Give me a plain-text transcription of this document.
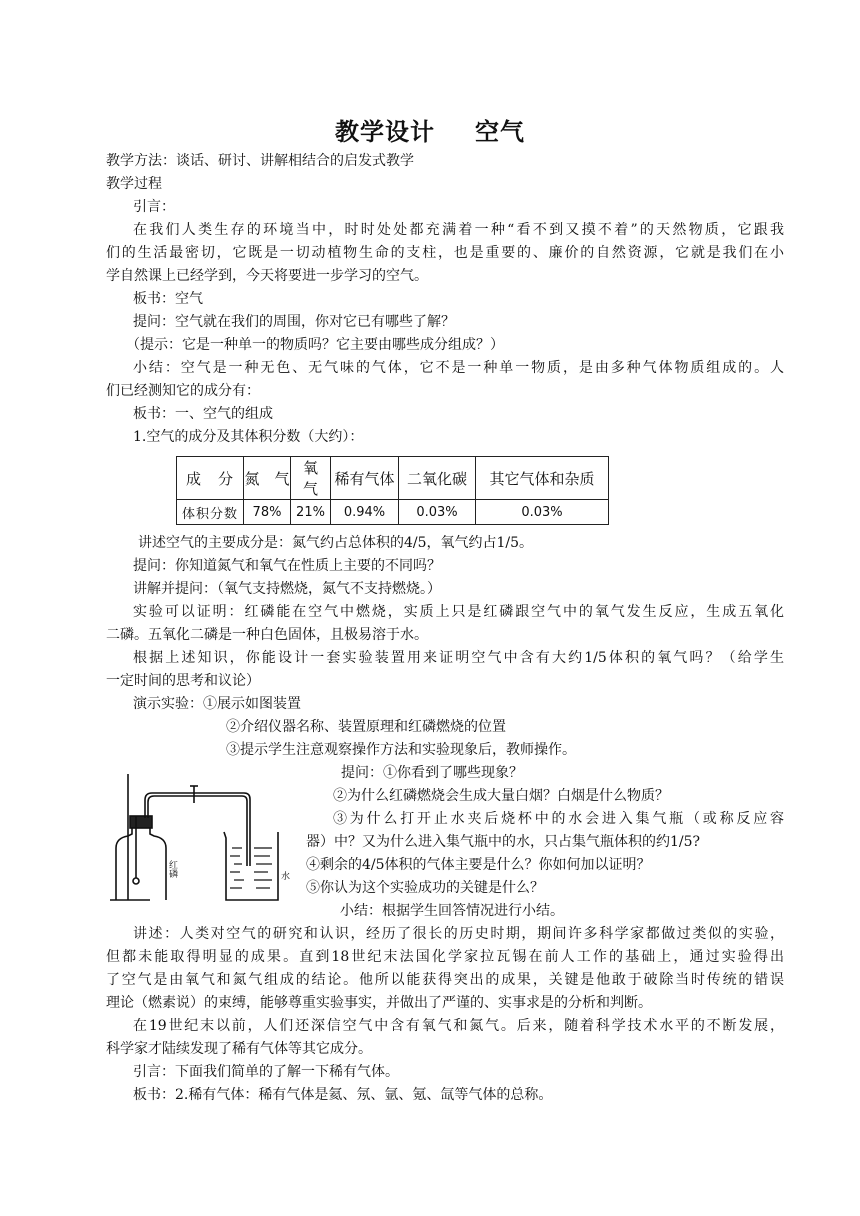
教学设计 空气
教学方法：谈话、研讨、讲解相结合的启发式教学
教学过程
引言：
在我们人类生存的环境当中，时时处处都充满着一种“看不到又摸不着”的天然物质，它跟我
们的生活最密切，它既是一切动植物生命的支柱，也是重要的、廉价的自然资源，它就是我们在小
学自然课上已经学到，今天将要进一步学习的空气。
板书：空气
提问：空气就在我们的周围，你对它已有哪些了解？
（提示：它是一种单一的物质吗？它主要由哪些成分组成？）
小结：空气是一种无色、无气味的气体，它不是一种单一物质，是由多种气体物质组成的。人
们已经测知它的成分有：
板书：一、空气的组成
1.空气的成分及其体积分数（大约）：
成　分	氮　气	氧　气	稀有气体	二氧化碳	其它气体和杂质
体积分数	78%	21%	0.94%	0.03%	0.03%
讲述空气的主要成分是：氮气约占总体积的4/5，氧气约占1/5。
提问：你知道氮气和氧气在性质上主要的不同吗？
讲解并提问：（氧气支持燃烧，氮气不支持燃烧。）
实验可以证明：红磷能在空气中燃烧，实质上只是红磷跟空气中的氧气发生反应，生成五氧化
二磷。五氧化二磷是一种白色固体，且极易溶于水。
根据上述知识，你能设计一套实验装置用来证明空气中含有大约1/5体积的氧气吗？（给学生
一定时间的思考和议论）
演示实验：①展示如图装置
②介绍仪器名称、装置原理和红磷燃烧的位置
③提示学生注意观察操作方法和实验现象后，教师操作。
红磷	水
提问：①你看到了哪些现象？
②为什么红磷燃烧会生成大量白烟？白烟是什么物质？
③为什么打开止水夹后烧杯中的水会进入集气瓶（或称反应容
器）中？又为什么进入集气瓶中的水，只占集气瓶体积的约1/5?
④剩余的4/5体积的气体主要是什么？你如何加以证明？
⑤你认为这个实验成功的关键是什么？
小结：根据学生回答情况进行小结。
讲述：人类对空气的研究和认识，经历了很长的历史时期，期间许多科学家都做过类似的实验，
但都未能取得明显的成果。直到18世纪末法国化学家拉瓦锡在前人工作的基础上，通过实验得出
了空气是由氧气和氮气组成的结论。他所以能获得突出的成果，关键是他敢于破除当时传统的错误
理论（燃素说）的束缚，能够尊重实验事实，并做出了严谨的、实事求是的分析和判断。
在19世纪末以前，人们还深信空气中含有氧气和氮气。后来，随着科学技术水平的不断发展，
科学家才陆续发现了稀有气体等其它成分。
引言：下面我们简单的了解一下稀有气体。
板书：2.稀有气体：稀有气体是氦、氖、氩、氪、氙等气体的总称。
